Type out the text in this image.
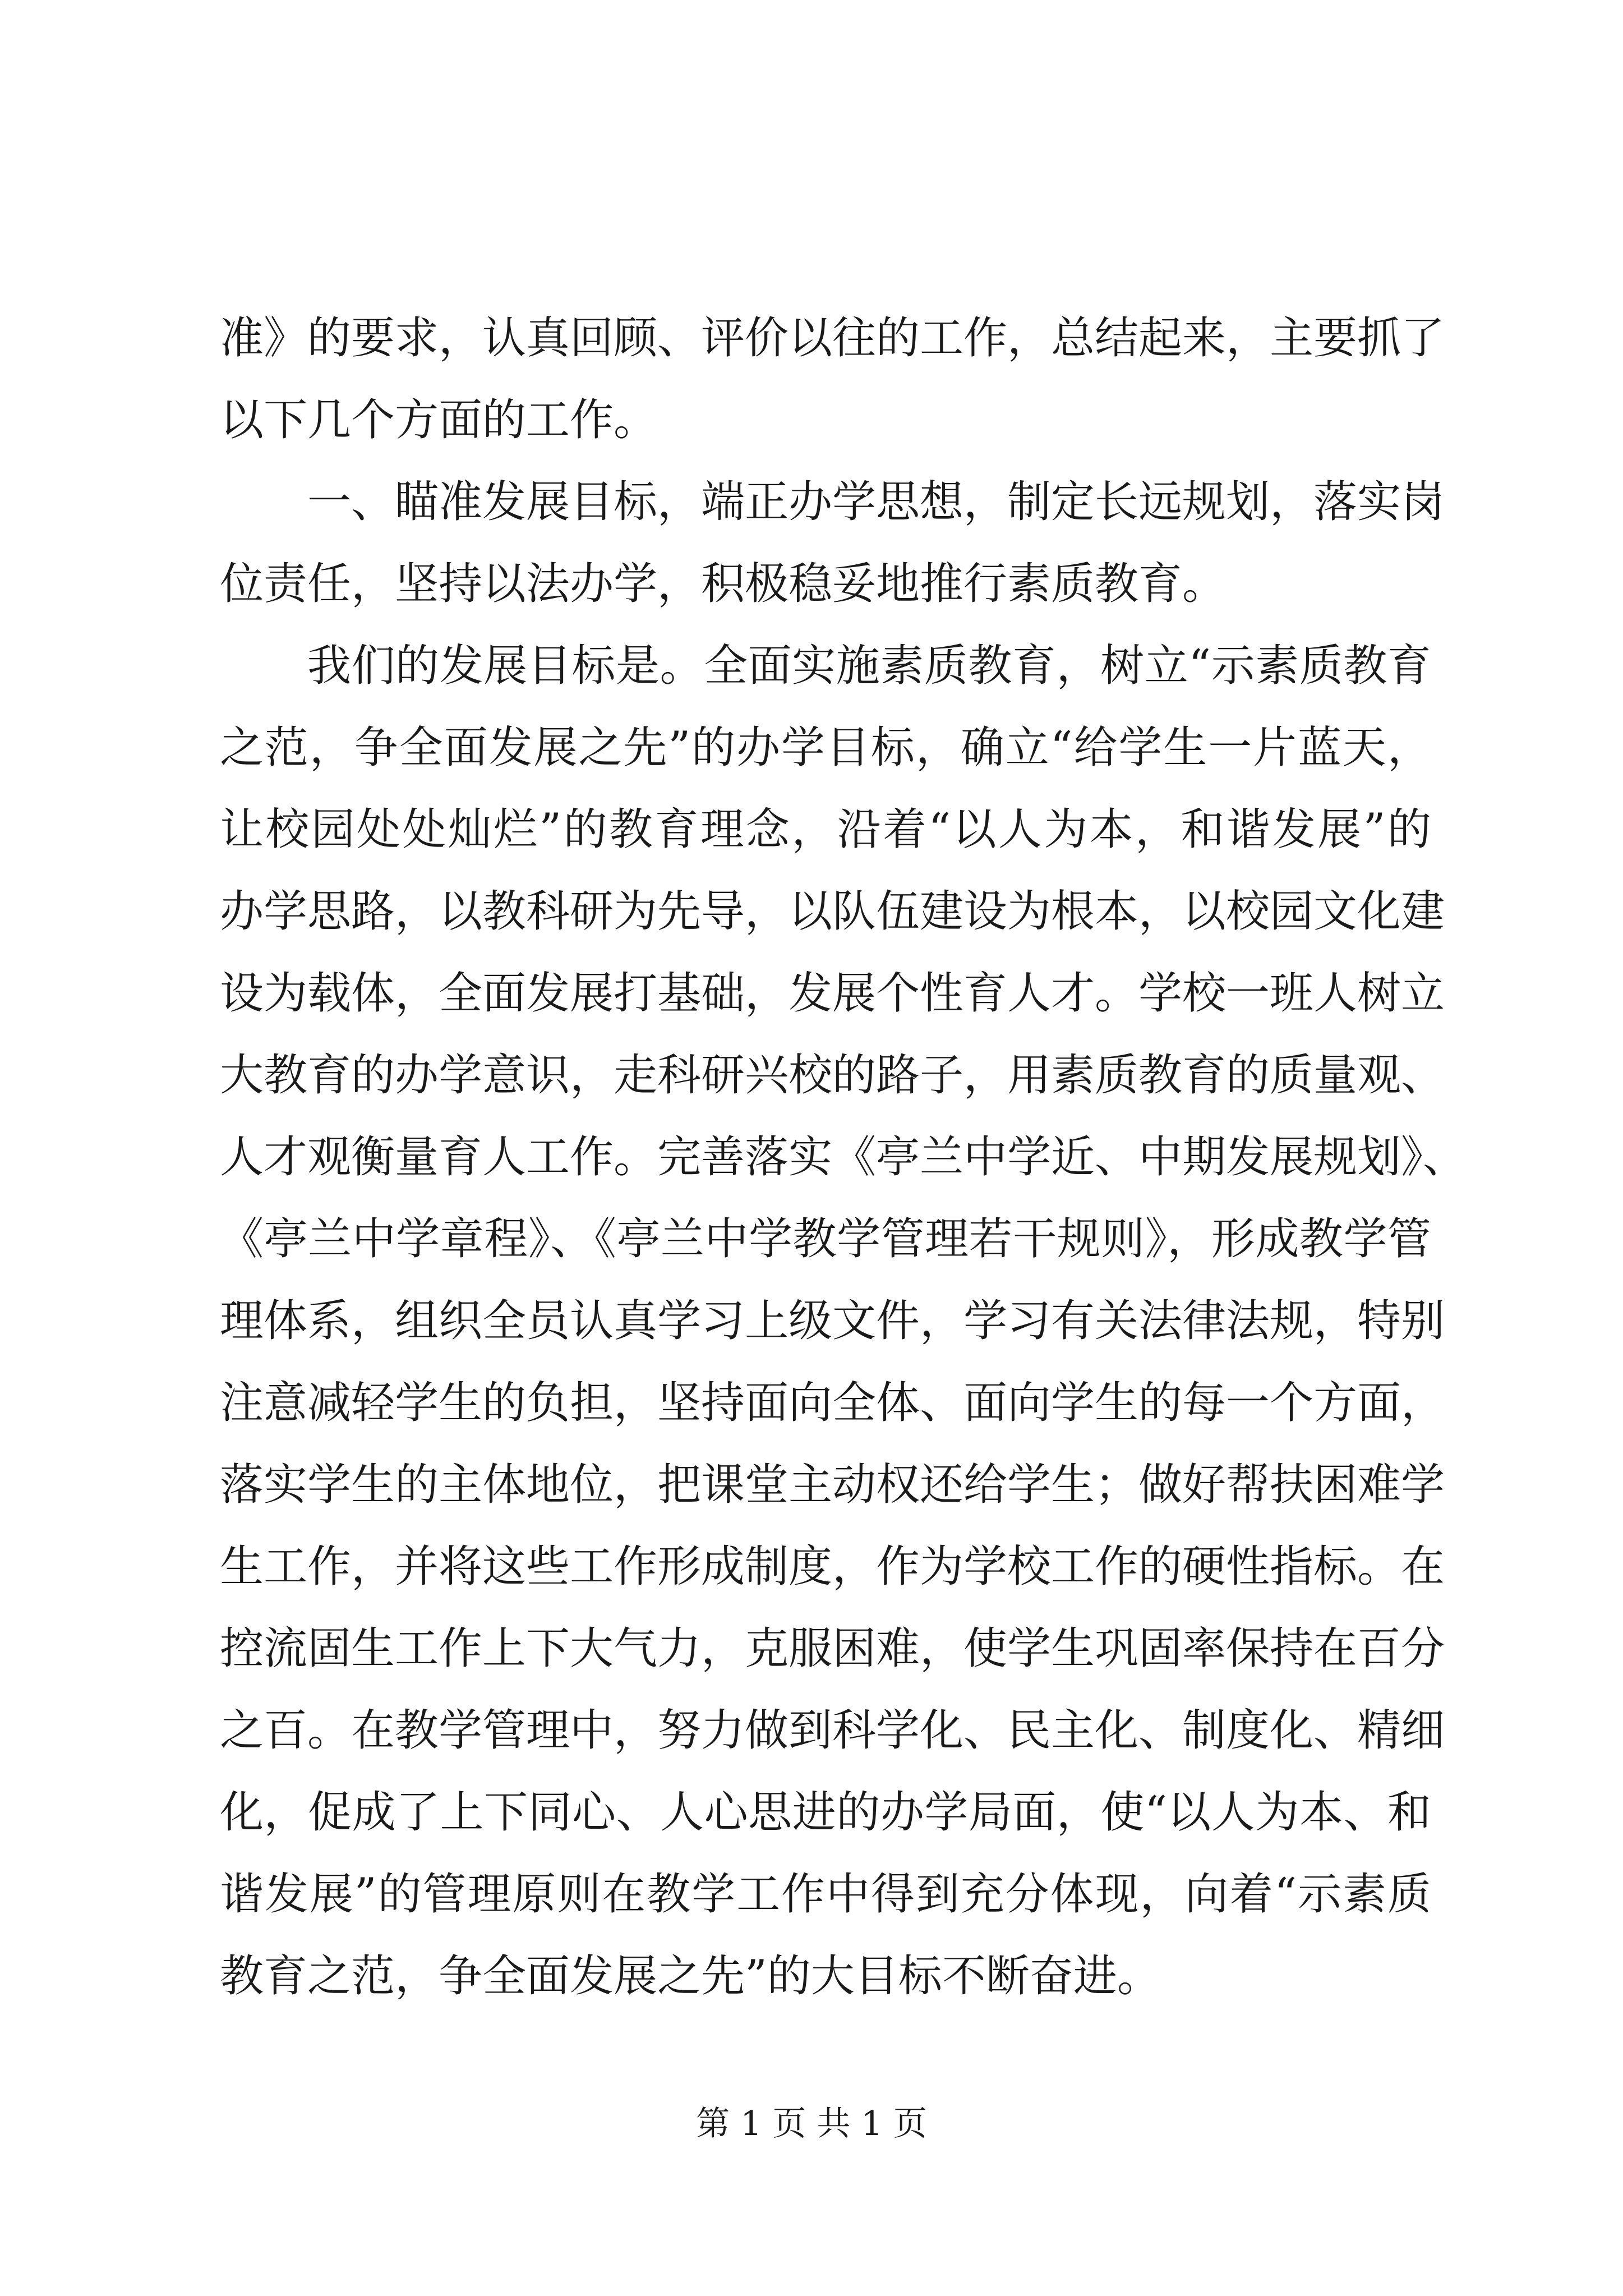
准》的要求，认真回顾、评价以往的工作，总结起来，主要抓了
以下几个方面的工作。
一、瞄准发展目标，端正办学思想，制定长远规划，落实岗
位责任，坚持以法办学，积极稳妥地推行素质教育。
我们的发展目标是。全面实施素质教育，树立“示素质教育
之范，争全面发展之先”的办学目标，确立“给学生一片蓝天，
让校园处处灿烂”的教育理念，沿着“以人为本，和谐发展”的
办学思路，以教科研为先导，以队伍建设为根本，以校园文化建
设为载体，全面发展打基础，发展个性育人才。学校一班人树立
大教育的办学意识，走科研兴校的路子，用素质教育的质量观、
人才观衡量育人工作。完善落实《亭兰中学近、中期发展规划》、
《亭兰中学章程》、《亭兰中学教学管理若干规则》，形成教学管
理体系，组织全员认真学习上级文件，学习有关法律法规，特别
注意减轻学生的负担，坚持面向全体、面向学生的每一个方面，
落实学生的主体地位，把课堂主动权还给学生；做好帮扶困难学
生工作，并将这些工作形成制度，作为学校工作的硬性指标。在
控流固生工作上下大气力，克服困难，使学生巩固率保持在百分
之百。在教学管理中，努力做到科学化、民主化、制度化、精细
化，促成了上下同心、人心思进的办学局面，使“以人为本、和
谐发展”的管理原则在教学工作中得到充分体现，向着“示素质
教育之范，争全面发展之先”的大目标不断奋进。
第 1 页 共 1 页
